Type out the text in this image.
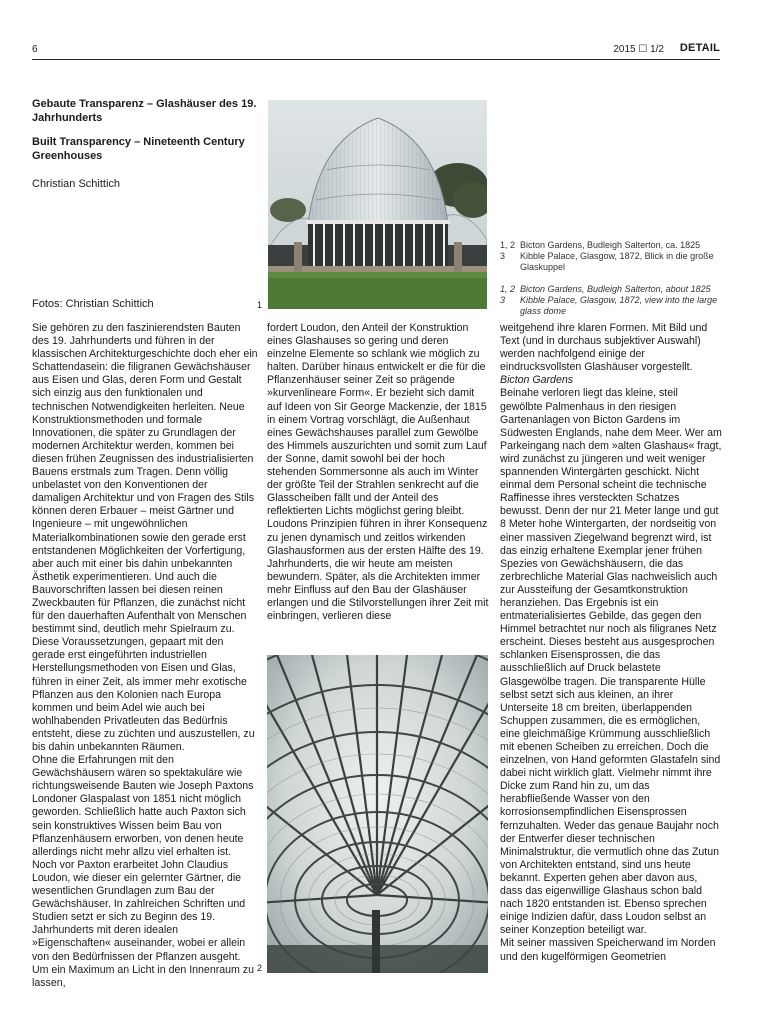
6	2015 ☐ 1/2 DETAIL
Gebaute Transparenz – Glashäuser des 19. Jahrhunderts
Built Transparency – Nineteenth Century Greenhouses
Christian Schittich
Fotos: Christian Schittich	1
1, 2 Bicton Gardens, Budleigh Salterton, ca. 1825
3	Kibble Palace, Glasgow, 1872, Blick in die große Glaskuppel
1, 2 Bicton Gardens, Budleigh Salterton, about 1825
3	Kibble Palace, Glasgow, 1872, view into the large glass dome

Sie gehören zu den faszinierendsten Bauten des 19. Jahrhunderts und führen in der klassischen Architekturgeschichte doch eher ein Schattendasein: die filigranen Gewächshäuser aus Eisen und Glas, deren Form und Gestalt sich einzig aus den funktionalen und technischen Notwendigkeiten herleiten. Neue Konstruktionsmethoden und formale Innovationen, die später zu Grundlagen der modernen Architektur werden, kommen bei diesen frühen Zeugnissen des industrialisierten Bauens erstmals zum Tragen. Denn völlig unbelastet von den Konventionen der damaligen Architektur und von Fragen des Stils können deren Erbauer – meist Gärtner und Ingenieure – mit ungewöhnlichen Materialkombinationen sowie den gerade erst entstandenen Möglichkeiten der Vorfertigung, aber auch mit einer bis dahin unbekannten Ästhetik experimentieren. Und auch die Bauvorschriften lassen bei diesen reinen Zweckbauten für Pflanzen, die zunächst nicht für den dauerhaften Aufenthalt von Menschen bestimmt sind, deutlich mehr Spielraum zu.

Diese Voraussetzungen, gepaart mit den gerade erst eingeführten industriellen Herstellungsmethoden von Eisen und Glas, führen in einer Zeit, als immer mehr exotische Pflanzen aus den Kolonien nach Europa kommen und beim Adel wie auch bei wohlhabenden Privatleuten das Bedürfnis entsteht, diese zu züchten und auszustellen, zu bis dahin unbekannten Räumen.

Ohne die Erfahrungen mit den Gewächshäusern wären so spektakuläre wie richtungsweisende Bauten wie Joseph Paxtons Londoner Glaspalast von 1851 nicht möglich geworden. Schließlich hatte auch Paxton sich sein konstruktives Wissen beim Bau von Pflanzenhäusern erworben, von denen heute allerdings nicht mehr allzu viel erhalten ist. Noch vor Paxton erarbeitet John Claudius Loudon, wie dieser ein gelernter Gärtner, die wesentlichen Grundlagen zum Bau der Gewächshäuser. In zahlreichen Schriften und Studien setzt er sich zu Beginn des 19. Jahrhunderts mit deren idealen »Eigenschaften« auseinander, wobei er allein von den Bedürfnissen der Pflanzen ausgeht. Um ein Maximum an Licht in den Innenraum zu lassen,

fordert Loudon, den Anteil der Konstruktion eines Glashauses so gering und deren einzelne Elemente so schlank wie möglich zu halten. Darüber hinaus entwickelt er die für die Pflanzenhäuser seiner Zeit so prägende »kurvenlineare Form«. Er bezieht sich damit auf Ideen von Sir George Mackenzie, der 1815 in einem Vortrag vorschlägt, die Außenhaut eines Gewächshauses parallel zum Gewölbe des Himmels auszurichten und somit zum Lauf der Sonne, damit sowohl bei der hoch stehenden Sommersonne als auch im Winter der größte Teil der Strahlen senkrecht auf die Glasscheiben fällt und der Anteil des reflektierten Lichts möglichst gering bleibt.

Loudons Prinzipien führen in ihrer Konsequenz zu jenen dynamisch und zeitlos wirkenden Glashausformen aus der ersten Hälfte des 19. Jahrhunderts, die wir heute am meisten bewundern. Später, als die Architekten immer mehr Einfluss auf den Bau der Glashäuser erlangen und die Stilvorstellungen ihrer Zeit mit einbringen, verlieren diese

2

weitgehend ihre klaren Formen. Mit Bild und Text (und in durchaus subjektiver Auswahl) werden nachfolgend einige der eindrucksvollsten Glashäuser vorgestellt.

Bicton Gardens

Beinahe verloren liegt das kleine, steil gewölbte Palmenhaus in den riesigen Gartenanlagen von Bicton Gardens im Südwesten Englands, nahe dem Meer. Wer am Parkeingang nach dem »alten Glashaus« fragt, wird zunächst zu jüngeren und weit weniger spannenden Wintergärten geschickt. Nicht einmal dem Personal scheint die technische Raffinesse ihres versteckten Schatzes bewusst. Denn der nur 21 Meter lange und gut 8 Meter hohe Wintergarten, der nordseitig von einer massiven Ziegelwand begrenzt wird, ist das einzig erhaltene Exemplar jener frühen Spezies von Gewächshäusern, die das zerbrechliche Material Glas nachweislich auch zur Aussteifung der Gesamtkonstruktion heranziehen. Das Ergebnis ist ein entmaterialisiertes Gebilde, das gegen den Himmel betrachtet nur noch als filigranes Netz erscheint. Dieses besteht aus ausgesprochen schlanken Eisensprossen, die das ausschließlich auf Druck belastete Glasgewölbe tragen. Die transparente Hülle selbst setzt sich aus kleinen, an ihrer Unterseite 18 cm breiten, überlappenden Schuppen zusammen, die es ermöglichen, eine gleichmäßige Krümmung ausschließlich mit ebenen Scheiben zu erreichen. Doch die einzelnen, von Hand geformten Glastafeln sind dabei nicht wirklich glatt. Vielmehr nimmt ihre Dicke zum Rand hin zu, um das herabfließende Wasser von den korrosionsempfindlichen Eisensprossen fernzuhalten. Weder das genaue Baujahr noch der Entwerfer dieser technischen Minimalstruktur, die vermutlich ohne das Zutun von Architekten entstand, sind uns heute bekannt. Experten gehen aber davon aus, dass das eigenwillige Glashaus schon bald nach 1820 entstanden ist. Ebenso sprechen einige Indizien dafür, dass Loudon selbst an seiner Konzeption beteiligt war.

Mit seiner massiven Speicherwand im Norden und den kugelförmigen Geometrien
